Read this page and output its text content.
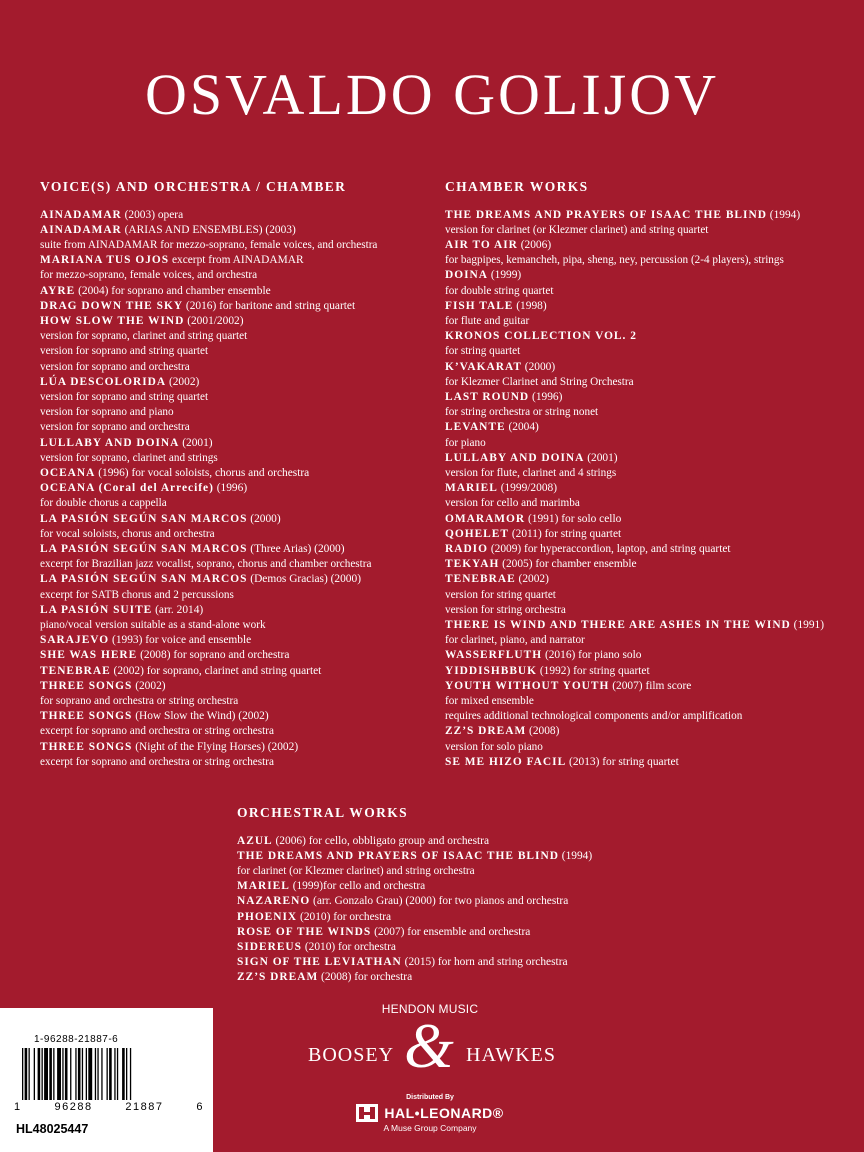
OSVALDO GOLIJOV
VOICE(S) AND ORCHESTRA / CHAMBER
AINADAMAR (2003) opera
AINADAMAR (ARIAS AND ENSEMBLES) (2003)
suite from AINADAMAR for mezzo-soprano, female voices, and orchestra
MARIANA TUS OJOS excerpt from AINADAMAR
for mezzo-soprano, female voices, and orchestra
AYRE (2004) for soprano and chamber ensemble
DRAG DOWN THE SKY (2016) for baritone and string quartet
HOW SLOW THE WIND (2001/2002)
version for soprano, clarinet and string quartet
version for soprano and string quartet
version for soprano and orchestra
LÚA DESCOLORIDA (2002)
version for soprano and string quartet
version for soprano and piano
version for soprano and orchestra
LULLABY AND DOINA (2001)
version for soprano, clarinet and strings
OCEANA (1996) for vocal soloists, chorus and orchestra
OCEANA (Coral del Arrecife) (1996)
for double chorus a cappella
LA PASIÓN SEGÚN SAN MARCOS (2000)
for vocal soloists, chorus and orchestra
LA PASIÓN SEGÚN SAN MARCOS (Three Arias) (2000)
excerpt for Brazilian jazz vocalist, soprano, chorus and chamber orchestra
LA PASIÓN SEGÚN SAN MARCOS (Demos Gracias) (2000)
excerpt for SATB chorus and 2 percussions
LA PASIÓN SUITE (arr. 2014)
piano/vocal version suitable as a stand-alone work
SARAJEVO (1993) for voice and ensemble
SHE WAS HERE (2008) for soprano and orchestra
TENEBRAE (2002) for soprano, clarinet and string quartet
THREE SONGS (2002)
for soprano and orchestra or string orchestra
THREE SONGS (How Slow the Wind) (2002)
excerpt for soprano and orchestra or string orchestra
THREE SONGS (Night of the Flying Horses) (2002)
excerpt for soprano and orchestra or string orchestra
CHAMBER WORKS
THE DREAMS AND PRAYERS OF ISAAC THE BLIND (1994)
version for clarinet (or Klezmer clarinet) and string quartet
AIR TO AIR (2006)
for bagpipes, kemancheh, pipa, sheng, ney, percussion (2-4 players), strings
DOINA (1999)
for double string quartet
FISH TALE (1998)
for flute and guitar
KRONOS COLLECTION VOL. 2
for string quartet
K’VAKARAT (2000)
for Klezmer Clarinet and String Orchestra
LAST ROUND (1996)
for string orchestra or string nonet
LEVANTE (2004)
for piano
LULLABY AND DOINA (2001)
version for flute, clarinet and 4 strings
MARIEL (1999/2008)
version for cello and marimba
OMARAMOR (1991) for solo cello
QOHELET (2011) for string quartet
RADIO (2009) for hyperaccordion, laptop, and string quartet
TEKYAH (2005) for chamber ensemble
TENEBRAE (2002)
version for string quartet
version for string orchestra
THERE IS WIND AND THERE ARE ASHES IN THE WIND (1991)
for clarinet, piano, and narrator
WASSERFLUTH (2016) for piano solo
YIDDISHBBUK (1992) for string quartet
YOUTH WITHOUT YOUTH (2007) film score
for mixed ensemble
requires additional technological components and/or amplification
ZZ’S DREAM (2008)
version for solo piano
SE ME HIZO FACIL (2013) for string quartet
ORCHESTRAL WORKS
AZUL (2006) for cello, obbligato group and orchestra
THE DREAMS AND PRAYERS OF ISAAC THE BLIND (1994)
for clarinet (or Klezmer clarinet) and string orchestra
MARIEL (1999)for cello and orchestra
NAZARENO (arr. Gonzalo Grau) (2000) for two pianos and orchestra
PHOENIX (2010) for orchestra
ROSE OF THE WINDS (2007) for ensemble and orchestra
SIDEREUS (2010) for orchestra
SIGN OF THE LEVIATHAN (2015) for horn and string orchestra
ZZ’S DREAM (2008) for orchestra
1-96288-21887-6
1	96288	21887	6
HL48025447
HENDON MUSIC
BOOSEY & HAWKES
Distributed By
HAL•LEONARD®
A Muse Group Company
